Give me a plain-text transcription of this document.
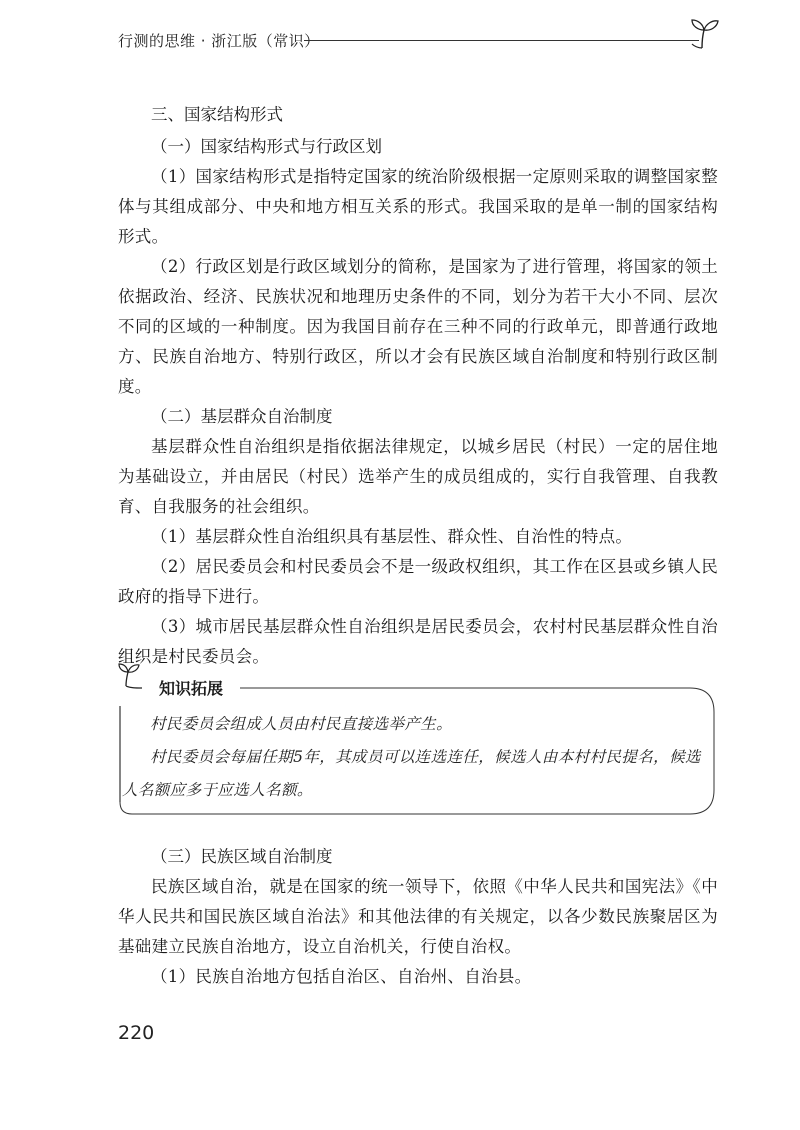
行测的思维 · 浙江版（常识）

三、国家结构形式

（一）国家结构形式与行政区划

（1）国家结构形式是指特定国家的统治阶级根据一定原则采取的调整国家整体与其组成部分、中央和地方相互关系的形式。我国采取的是单一制的国家结构形式。

（2）行政区划是行政区域划分的简称，是国家为了进行管理，将国家的领土依据政治、经济、民族状况和地理历史条件的不同，划分为若干大小不同、层次不同的区域的一种制度。因为我国目前存在三种不同的行政单元，即普通行政地方、民族自治地方、特别行政区，所以才会有民族区域自治制度和特别行政区制度。

（二）基层群众自治制度

基层群众性自治组织是指依据法律规定，以城乡居民（村民）一定的居住地为基础设立，并由居民（村民）选举产生的成员组成的，实行自我管理、自我教育、自我服务的社会组织。

（1）基层群众性自治组织具有基层性、群众性、自治性的特点。

（2）居民委员会和村民委员会不是一级政权组织，其工作在区县或乡镇人民政府的指导下进行。

（3）城市居民基层群众性自治组织是居民委员会，农村村民基层群众性自治组织是村民委员会。

知识拓展

村民委员会组成人员由村民直接选举产生。

村民委员会每届任期5年，其成员可以连选连任，候选人由本村村民提名，候选人名额应多于应选人名额。

（三）民族区域自治制度

民族区域自治，就是在国家的统一领导下，依照《中华人民共和国宪法》《中华人民共和国民族区域自治法》和其他法律的有关规定，以各少数民族聚居区为基础建立民族自治地方，设立自治机关，行使自治权。

（1）民族自治地方包括自治区、自治州、自治县。

220
